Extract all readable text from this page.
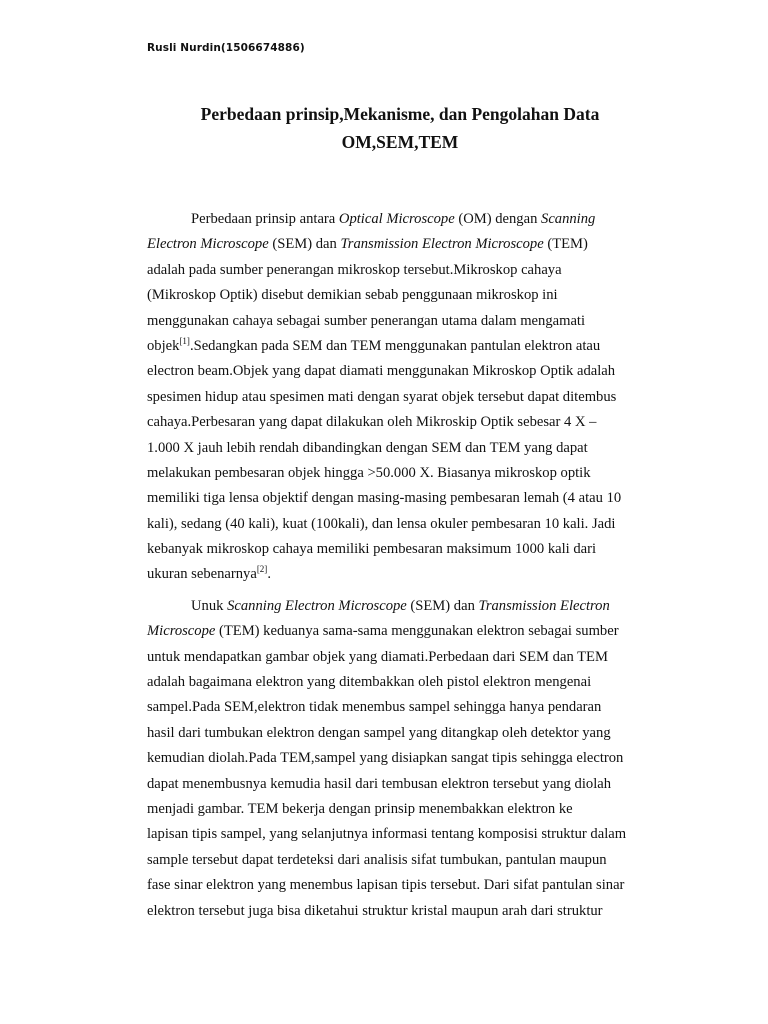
Rusli Nurdin(1506674886)
Perbedaan prinsip,Mekanisme, dan Pengolahan Data
OM,SEM,TEM
Perbedaan prinsip antara Optical Microscope (OM) dengan Scanning
Electron Microscope (SEM) dan Transmission Electron Microscope (TEM)
adalah pada sumber penerangan mikroskop tersebut.Mikroskop cahaya
(Mikroskop Optik) disebut demikian sebab penggunaan mikroskop ini
menggunakan cahaya sebagai sumber penerangan utama dalam mengamati
objek[1].Sedangkan pada SEM dan TEM menggunakan pantulan elektron atau
electron beam.Objek yang dapat diamati menggunakan Mikroskop Optik adalah
spesimen hidup atau spesimen mati dengan syarat objek tersebut dapat ditembus
cahaya.Perbesaran yang dapat dilakukan oleh Mikroskip Optik sebesar 4 X –
1.000 X jauh lebih rendah dibandingkan dengan SEM dan TEM yang dapat
melakukan pembesaran objek hingga >50.000 X. Biasanya mikroskop optik
memiliki tiga lensa objektif dengan masing-masing pembesaran lemah (4 atau 10
kali), sedang (40 kali), kuat (100kali), dan lensa okuler pembesaran 10 kali. Jadi
kebanyak mikroskop cahaya memiliki pembesaran maksimum 1000 kali dari
ukuran sebenarnya[2].
Unuk Scanning Electron Microscope (SEM) dan Transmission Electron
Microscope (TEM) keduanya sama-sama menggunakan elektron sebagai sumber
untuk mendapatkan gambar objek yang diamati.Perbedaan dari SEM dan TEM
adalah bagaimana elektron yang ditembakkan oleh pistol elektron mengenai
sampel.Pada SEM,elektron tidak menembus sampel sehingga hanya pendaran
hasil dari tumbukan elektron dengan sampel yang ditangkap oleh detektor yang
kemudian diolah.Pada TEM,sampel yang disiapkan sangat tipis sehingga electron
dapat menembusnya kemudia hasil dari tembusan elektron tersebut yang diolah
menjadi gambar. TEM bekerja dengan prinsip menembakkan elektron ke
lapisan tipis sampel, yang selanjutnya informasi tentang komposisi struktur dalam
sample tersebut dapat terdeteksi dari analisis sifat tumbukan, pantulan maupun
fase sinar elektron yang menembus lapisan tipis tersebut. Dari sifat pantulan sinar
elektron tersebut juga bisa diketahui struktur kristal maupun arah dari struktur
